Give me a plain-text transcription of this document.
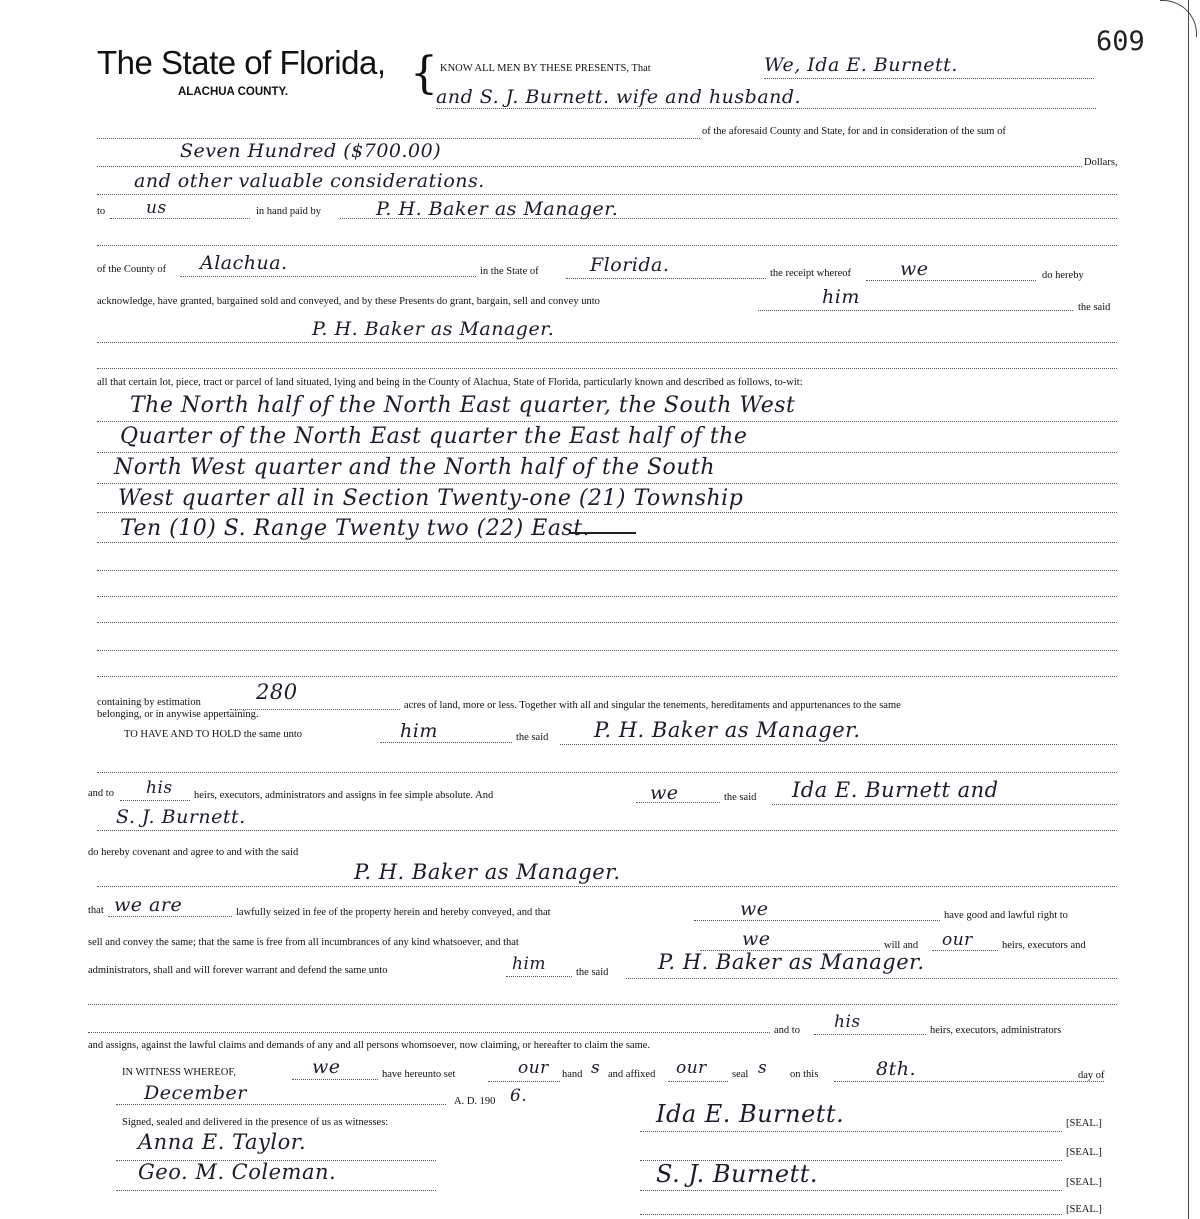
609
The State of Florida,
ALACHUA COUNTY.	{ KNOW ALL MEN BY THESE PRESENTS, That	We, Ida E. Burnett.
and S. J. Burnett. wife and husband.
of the aforesaid County and State, for and in consideration of the sum of
Seven Hundred ($700.00)
Dollars,
and other valuable considerations.
to us	in hand paid by	P. H. Baker as Manager.
of the County of Alachua.	in the State of	Florida.	the receipt whereof	we	do hereby
acknowledge, have granted, bargained sold and conveyed, and by these Presents do grant, bargain, sell and convey unto	him	the said
P. H. Baker as Manager.
all that certain lot, piece, tract or parcel of land situated, lying and being in the County of Alachua, State of Florida, particularly known and described as follows, to-wit:
The North half of the North East quarter, the South West
Quarter of the North East quarter the East half of the
North West quarter and the North half of the South
West quarter all in Section Twenty-one (21) Township
Ten (10) S. Range Twenty two (22) East.
containing by estimation	280
acres of land, more or less. Together with all and singular the tenements, hereditaments and appurtenances to the same
belonging, or in anywise appertaining.
TO HAVE AND TO HOLD the same unto	him	the said P. H. Baker as Manager.
and to his heirs, executors, administrators and assigns in fee simple absolute. And	we	the said Ida E. Burnett and
S. J. Burnett.
do hereby covenant and agree to and with the said
P. H. Baker as Manager.
that we are	lawfully seized in fee of the property herein and hereby conveyed, and that	we	have good and lawful right to
sell and convey the same; that the same is free from all incumbrances of any kind whatsoever, and that	we	will and our	heirs, executors and
administrators, shall and will forever warrant and defend the same unto	him	the said P. H. Baker as Manager.
and to his	heirs, executors, administrators
and assigns, against the lawful claims and demands of any and all persons whomsoever, now claiming, or hereafter to claim the same.
IN WITNESS WHEREOF,	we	have hereunto set	our hand s and affixed our seal s on this	8th.	day of
December	A. D. 190 6.
Signed, sealed and delivered in the presence of us as witnesses:
Anna E. Taylor.
Geo. M. Coleman.
Ida E. Burnett.	[SEAL.]
[SEAL.]
S. J. Burnett.	[SEAL.]
[SEAL.]
